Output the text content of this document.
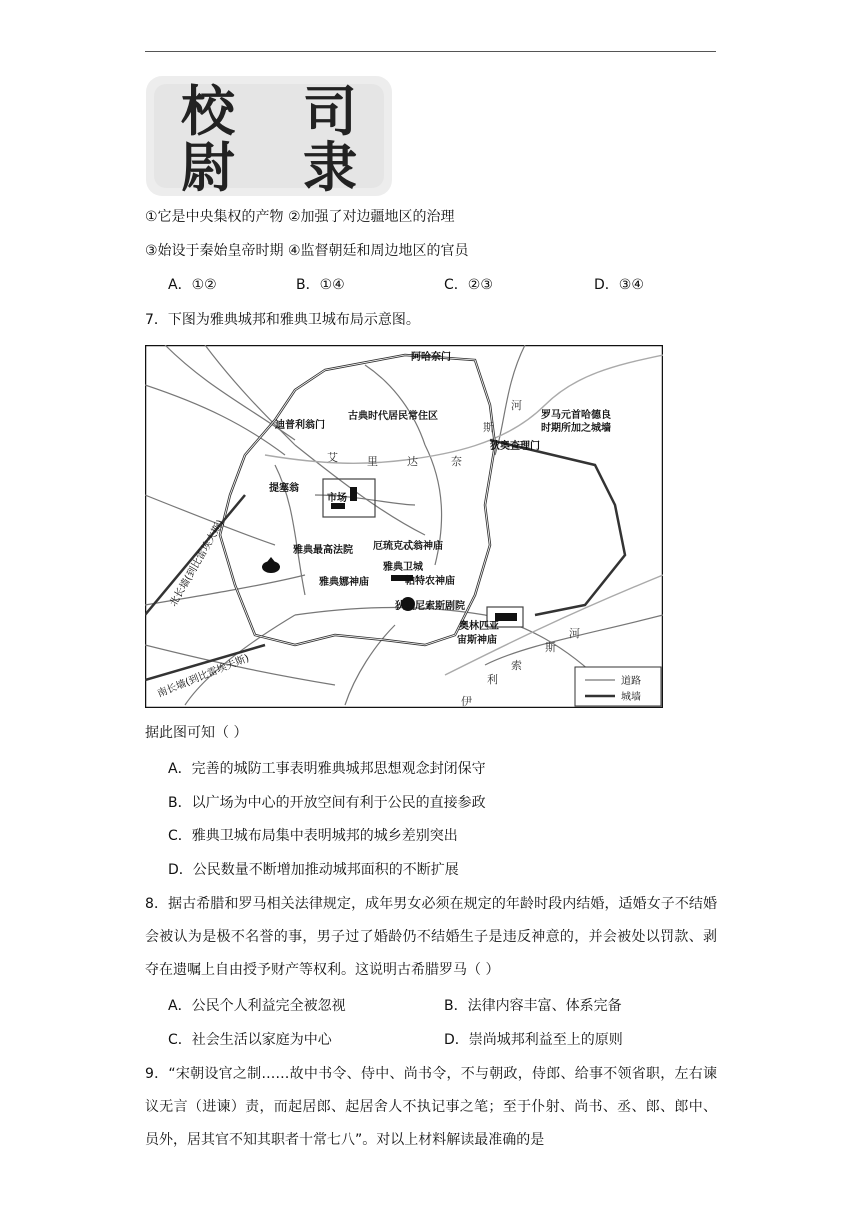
校 司
尉 隶
①它是中央集权的产物 ②加强了对边疆地区的治理
③始设于秦始皇帝时期 ④监督朝廷和周边地区的官员
A．①②	B．①④	C．②③	D．③④
7．下图为雅典城邦和雅典卫城布局示意图。
阿哈奈门
古典时代居民常住区
迪普利翁门
罗马元首哈德良
时期所加之城墙
狄奥查理门
提塞翁
市场
雅典最高法院 厄琉克忒翁神庙
雅典卫城
雅典娜神庙	帕特农神庙
狄奥尼索斯剧院
奥林匹亚
宙斯神庙
河
斯
艾	里	达	奈
河
斯
索
利
伊
北长墙(到比雷埃夫斯)
南长墙(到比雷埃夫斯)	道路
城墙
据此图可知（ ）
A．完善的城防工事表明雅典城邦思想观念封闭保守
B．以广场为中心的开放空间有利于公民的直接参政
C．雅典卫城布局集中表明城邦的城乡差别突出
D．公民数量不断增加推动城邦面积的不断扩展
8．据古希腊和罗马相关法律规定，成年男女必须在规定的年龄时段内结婚，适婚女子不结婚会被认为是极不名誉的事，男子过了婚龄仍不结婚生子是违反神意的，并会被处以罚款、剥夺在遗嘱上自由授予财产等权利。这说明古希腊罗马（ ）
A．公民个人利益完全被忽视	B．法律内容丰富、体系完备
C．社会生活以家庭为中心	D．崇尚城邦利益至上的原则
9．“宋朝设官之制……故中书令、侍中、尚书令，不与朝政，侍郎、给事不领省职，左右谏议无言（进谏）责，而起居郎、起居舍人不执记事之笔；至于仆射、尚书、丞、郎、郎中、员外，居其官不知其职者十常七八”。对以上材料解读最准确的是
